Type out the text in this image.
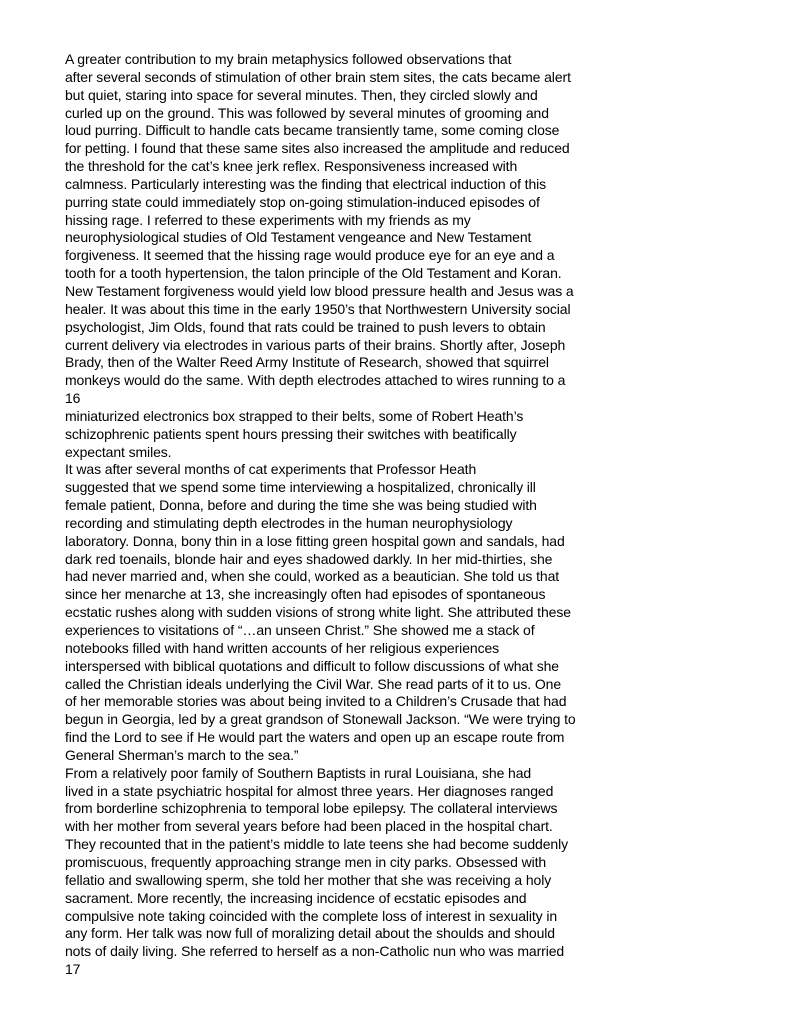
A greater contribution to my brain metaphysics followed observations that
after several seconds of stimulation of other brain stem sites, the cats became alert
but quiet, staring into space for several minutes. Then, they circled slowly and
curled up on the ground. This was followed by several minutes of grooming and
loud purring. Difficult to handle cats became transiently tame, some coming close
for petting. I found that these same sites also increased the amplitude and reduced
the threshold for the cat’s knee jerk reflex. Responsiveness increased with
calmness. Particularly interesting was the finding that electrical induction of this
purring state could immediately stop on-going stimulation-induced episodes of
hissing rage. I referred to these experiments with my friends as my
neurophysiological studies of Old Testament vengeance and New Testament
forgiveness. It seemed that the hissing rage would produce eye for an eye and a
tooth for a tooth hypertension, the talon principle of the Old Testament and Koran.
New Testament forgiveness would yield low blood pressure health and Jesus was a
healer. It was about this time in the early 1950’s that Northwestern University social
psychologist, Jim Olds, found that rats could be trained to push levers to obtain
current delivery via electrodes in various parts of their brains. Shortly after, Joseph
Brady, then of the Walter Reed Army Institute of Research, showed that squirrel
monkeys would do the same. With depth electrodes attached to wires running to a
16
miniaturized electronics box strapped to their belts, some of Robert Heath’s
schizophrenic patients spent hours pressing their switches with beatifically
expectant smiles.
It was after several months of cat experiments that Professor Heath
suggested that we spend some time interviewing a hospitalized, chronically ill
female patient, Donna, before and during the time she was being studied with
recording and stimulating depth electrodes in the human neurophysiology
laboratory. Donna, bony thin in a lose fitting green hospital gown and sandals, had
dark red toenails, blonde hair and eyes shadowed darkly. In her mid-thirties, she
had never married and, when she could, worked as a beautician. She told us that
since her menarche at 13, she increasingly often had episodes of spontaneous
ecstatic rushes along with sudden visions of strong white light. She attributed these
experiences to visitations of “…an unseen Christ.” She showed me a stack of
notebooks filled with hand written accounts of her religious experiences
interspersed with biblical quotations and difficult to follow discussions of what she
called the Christian ideals underlying the Civil War. She read parts of it to us. One
of her memorable stories was about being invited to a Children’s Crusade that had
begun in Georgia, led by a great grandson of Stonewall Jackson. “We were trying to
find the Lord to see if He would part the waters and open up an escape route from
General Sherman’s march to the sea.”
From a relatively poor family of Southern Baptists in rural Louisiana, she had
lived in a state psychiatric hospital for almost three years. Her diagnoses ranged
from borderline schizophrenia to temporal lobe epilepsy. The collateral interviews
with her mother from several years before had been placed in the hospital chart.
They recounted that in the patient’s middle to late teens she had become suddenly
promiscuous, frequently approaching strange men in city parks. Obsessed with
fellatio and swallowing sperm, she told her mother that she was receiving a holy
sacrament. More recently, the increasing incidence of ecstatic episodes and
compulsive note taking coincided with the complete loss of interest in sexuality in
any form. Her talk was now full of moralizing detail about the shoulds and should
nots of daily living. She referred to herself as a non-Catholic nun who was married
17
